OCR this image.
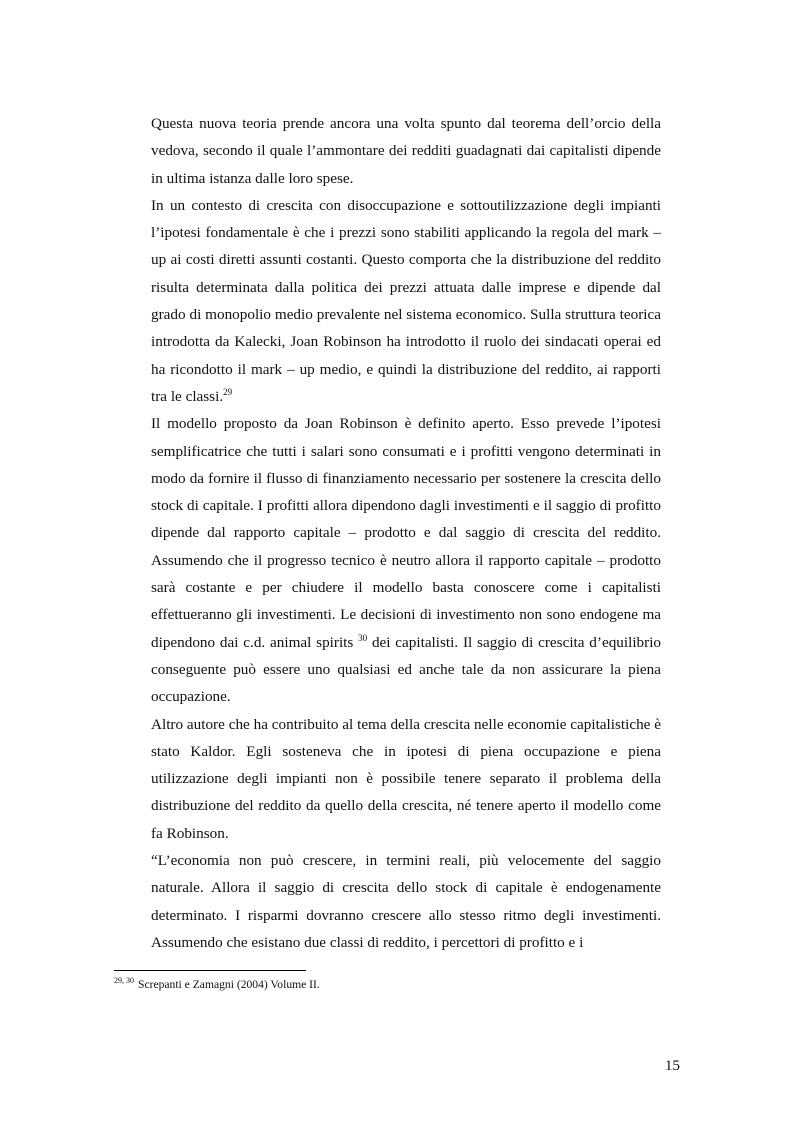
Questa nuova teoria prende ancora una volta spunto dal teorema dell’orcio della vedova, secondo il quale l’ammontare dei redditi guadagnati dai capitalisti dipende in ultima istanza dalle loro spese.

In un contesto di crescita con disoccupazione e sottoutilizzazione degli impianti l’ipotesi fondamentale è che i prezzi sono stabiliti applicando la regola del mark – up ai costi diretti assunti costanti. Questo comporta che la distribuzione del reddito risulta determinata dalla politica dei prezzi attuata dalle imprese e dipende dal grado di monopolio medio prevalente nel sistema economico. Sulla struttura teorica introdotta da Kalecki, Joan Robinson ha introdotto il ruolo dei sindacati operai ed ha ricondotto il mark – up medio, e quindi la distribuzione del reddito, ai rapporti tra le classi.$^{29}$

Il modello proposto da Joan Robinson è definito aperto. Esso prevede l’ipotesi semplificatrice che tutti i salari sono consumati e i profitti vengono determinati in modo da fornire il flusso di finanziamento necessario per sostenere la crescita dello stock di capitale. I profitti allora dipendono dagli investimenti e il saggio di profitto dipende dal rapporto capitale – prodotto e dal saggio di crescita del reddito. Assumendo che il progresso tecnico è neutro allora il rapporto capitale – prodotto sarà costante e per chiudere il modello basta conoscere come i capitalisti effettueranno gli investimenti. Le decisioni di investimento non sono endogene ma dipendono dai c.d. animal spirits $^{30}$ dei capitalisti. Il saggio di crescita d’equilibrio conseguente può essere uno qualsiasi ed anche tale da non assicurare la piena occupazione.

Altro autore che ha contribuito al tema della crescita nelle economie capitalistiche è stato Kaldor. Egli sosteneva che in ipotesi di piena occupazione e piena utilizzazione degli impianti non è possibile tenere separato il problema della distribuzione del reddito da quello della crescita, né tenere aperto il modello come fa Robinson.

“L’economia non può crescere, in termini reali, più velocemente del saggio naturale. Allora il saggio di crescita dello stock di capitale è endogenamente determinato. I risparmi dovranno crescere allo stesso ritmo degli investimenti. Assumendo che esistano due classi di reddito, i percettori di profitto e i

$^{29, 30}$ Screpanti e Zamagni (2004) Volume II.
15
